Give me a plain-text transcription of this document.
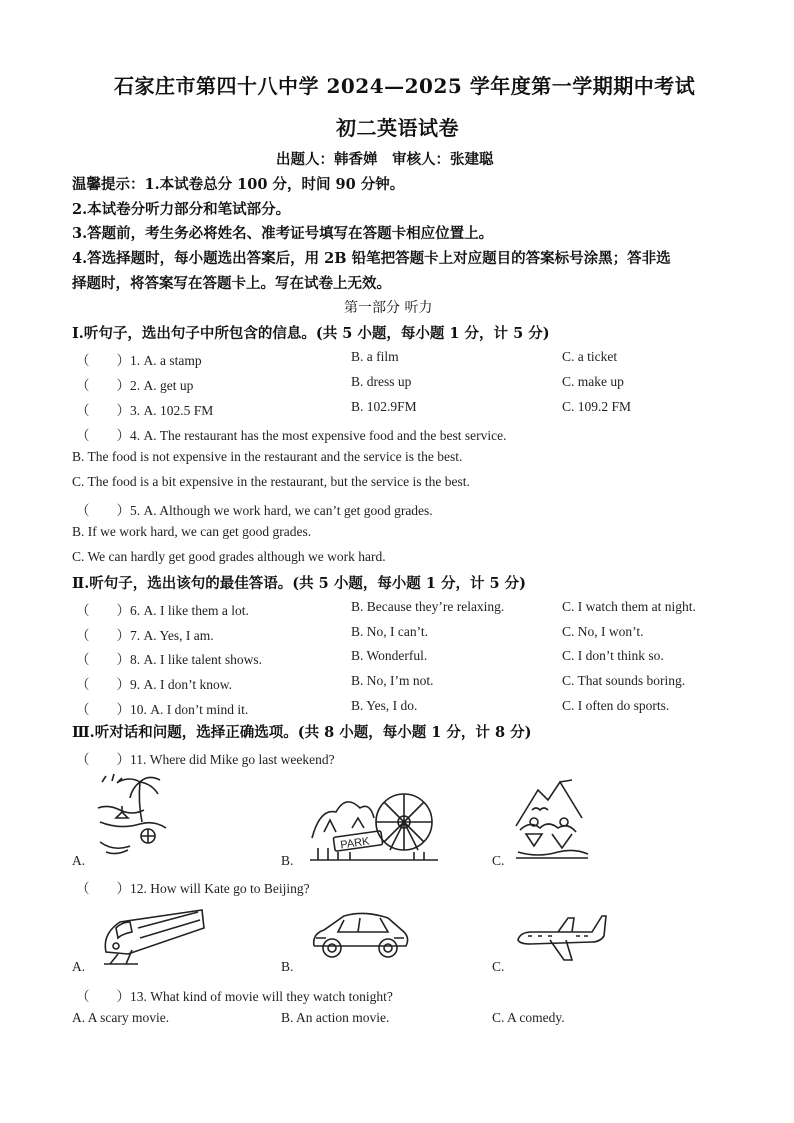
石家庄市第四十八中学 2024—2025 学年度第一学期期中考试
初二英语试卷
出题人：韩香婵　审核人：张建聪
温馨提示：1.本试卷总分 100 分，时间 90 分钟。
2.本试卷分听力部分和笔试部分。
3.答题前，考生务必将姓名、准考证号填写在答题卡相应位置上。
4.答选择题时，每小题选出答案后，用 2B 铅笔把答题卡上对应题目的答案标号涂黑；答非选
择题时，将答案写在答题卡上。写在试卷上无效。
第一部分 听力
Ⅰ.听句子，选出句子中所包含的信息。(共 5 小题，每小题 1 分，计 5 分)
（　　）1. A. a stamp	B. a film	C. a ticket
（　　）2. A. get up	B. dress up	C. make up
（　　）3. A. 102.5 FM	B. 102.9FM	C. 109.2 FM
（　　）4. A. The restaurant has the most expensive food and the best service.
B. The food is not expensive in the restaurant and the service is the best.
C. The food is a bit expensive in the restaurant, but the service is the best.
（　　）5. A. Although we work hard, we can’t get good grades.
B. If we work hard, we can get good grades.
C. We can hardly get good grades although we work hard.
Ⅱ.听句子，选出该句的最佳答语。(共 5 小题，每小题 1 分，计 5 分)
（　　）6. A. I like them a lot.	B. Because they’re relaxing.	C. I watch them at night.
（　　）7. A. Yes, I am.	B. No, I can’t.	C. No, I won’t.
（　　）8. A. I like talent shows.	B. Wonderful.	C. I don’t think so.
（　　）9. A. I don’t know.	B. No, I’m not.	C. That sounds boring.
（　　）10. A. I don’t mind it.	B. Yes, I do.	C. I often do sports.
Ⅲ.听对话和问题，选择正确选项。(共 8 小题，每小题 1 分，计 8 分)
（　　）11. Where did Mike go last weekend?
A.
PARK
B.	C.
（　　）12. How will Kate go to Beijing?
A.	B.	C.
（　　）13. What kind of movie will they watch tonight?
A. A scary movie.	B. An action movie.	C. A comedy.
